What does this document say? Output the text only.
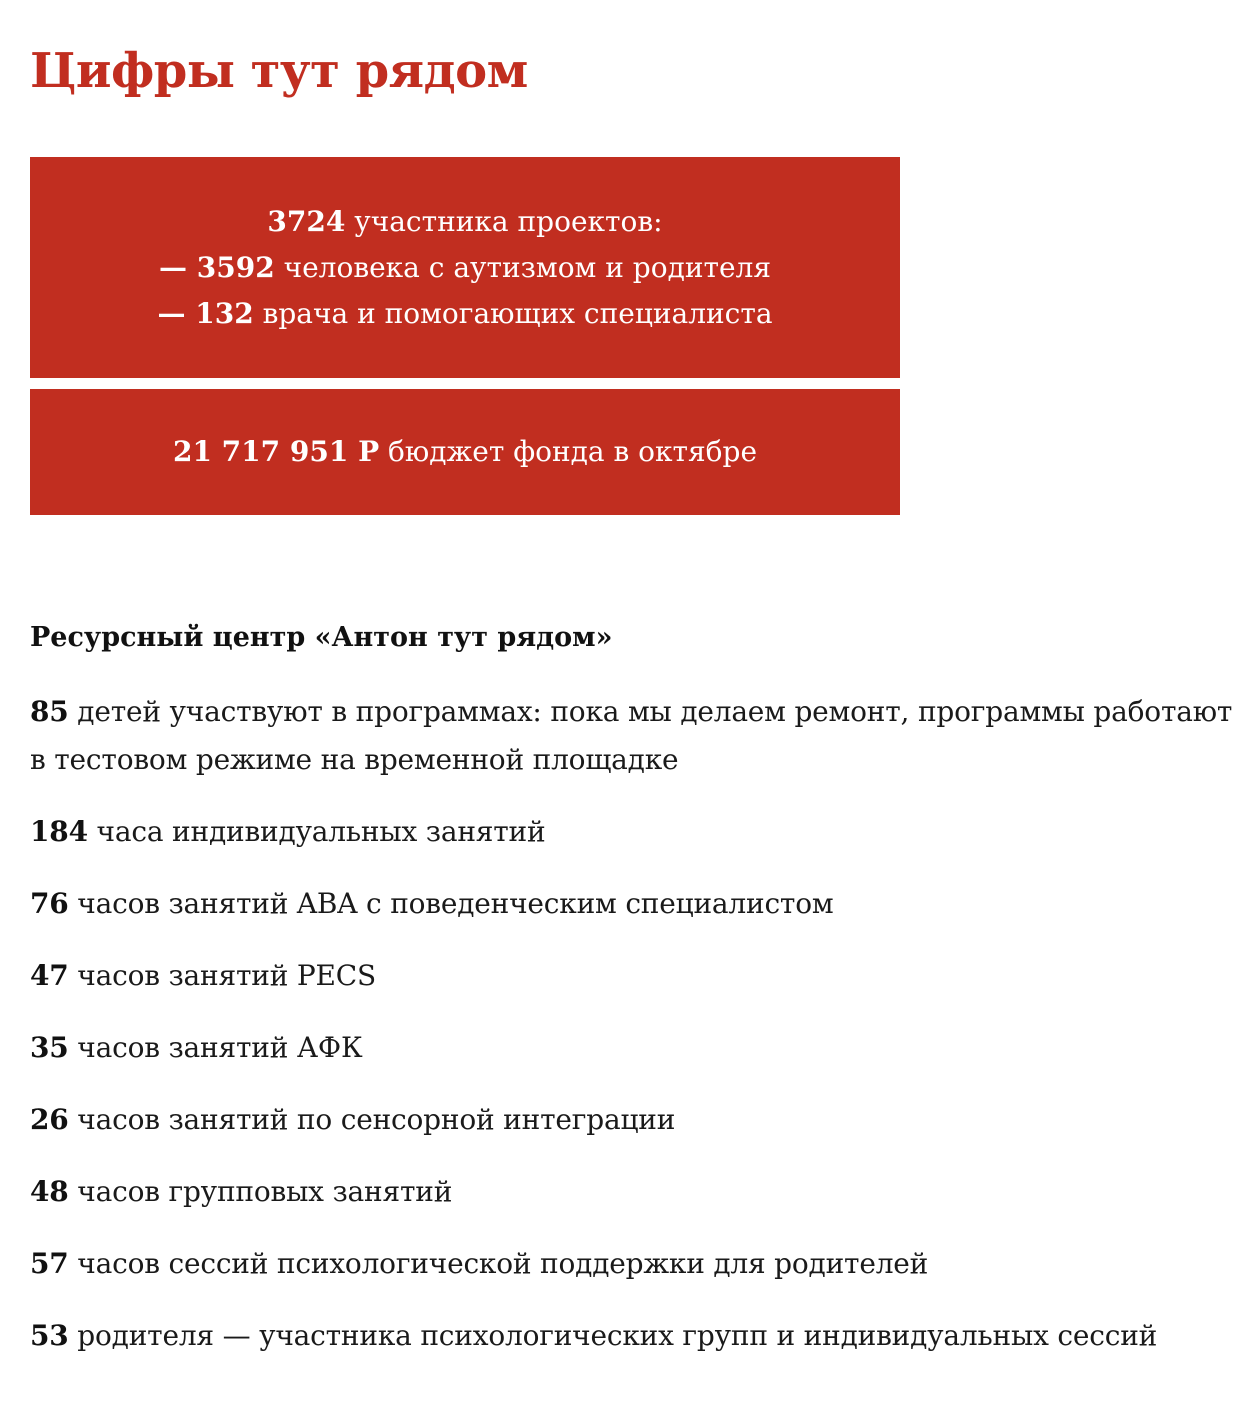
Цифры тут рядом
3724 участника проектов:
— 3592 человека с аутизмом и родителя
— 132 врача и помогающих специалиста
21 717 951 Р бюджет фонда в октябре
Ресурсный центр «Антон тут рядом»
85 детей участвуют в программах: пока мы делаем ремонт, программы работают в тестовом режиме на временной площадке
184 часа индивидуальных занятий
76 часов занятий ABA с поведенческим специалистом
47 часов занятий PECS
35 часов занятий АФК
26 часов занятий по сенсорной интеграции
48 часов групповых занятий
57 часов сессий психологической поддержки для родителей
53 родителя — участника психологических групп и индивидуальных сессий
